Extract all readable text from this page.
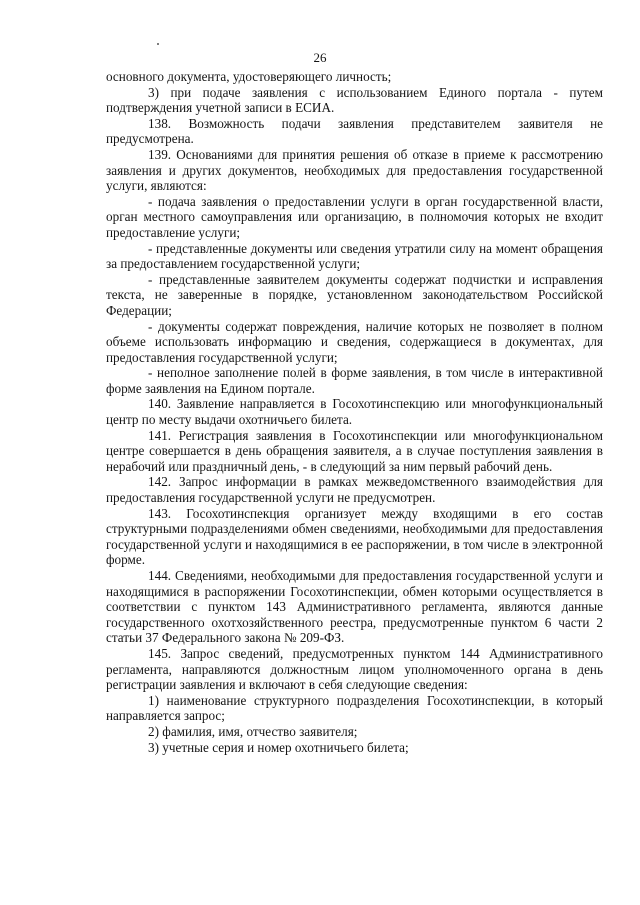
26

основного документа, удостоверяющего личность;

3) при подаче заявления с использованием Единого портала - путем подтверждения учетной записи в ЕСИА.

138. Возможность подачи заявления представителем заявителя не предусмотрена.

139. Основаниями для принятия решения об отказе в приеме к рассмотрению заявления и других документов, необходимых для предоставления государственной услуги, являются:

- подача заявления о предоставлении услуги в орган государственной власти, орган местного самоуправления или организацию, в полномочия которых не входит предоставление услуги;

- представленные документы или сведения утратили силу на момент обращения за предоставлением государственной услуги;

- представленные заявителем документы содержат подчистки и исправления текста, не заверенные в порядке, установленном законодательством Российской Федерации;

- документы содержат повреждения, наличие которых не позволяет в полном объеме использовать информацию и сведения, содержащиеся в документах, для предоставления государственной услуги;

- неполное заполнение полей в форме заявления, в том числе в интерактивной форме заявления на Едином портале.

140. Заявление направляется в Госохотинспекцию или многофункциональный центр по месту выдачи охотничьего билета.

141. Регистрация заявления в Госохотинспекции или многофункциональном центре совершается в день обращения заявителя, а в случае поступления заявления в нерабочий или праздничный день, - в следующий за ним первый рабочий день.

142. Запрос информации в рамках межведомственного взаимодействия для предоставления государственной услуги не предусмотрен.

143. Госохотинспекция организует между входящими в его состав структурными подразделениями обмен сведениями, необходимыми для предоставления государственной услуги и находящимися в ее распоряжении, в том числе в электронной форме.

144. Сведениями, необходимыми для предоставления государственной услуги и находящимися в распоряжении Госохотинспекции, обмен которыми осуществляется в соответствии с пунктом 143 Административного регламента, являются данные государственного охотхозяйственного реестра, предусмотренные пунктом 6 части 2 статьи 37 Федерального закона № 209-ФЗ.

145. Запрос сведений, предусмотренных пунктом 144 Административного регламента, направляются должностным лицом уполномоченного органа в день регистрации заявления и включают в себя следующие сведения:

1) наименование структурного подразделения Госохотинспекции, в который направляется запрос;

2) фамилия, имя, отчество заявителя;

3) учетные серия и номер охотничьего билета;
